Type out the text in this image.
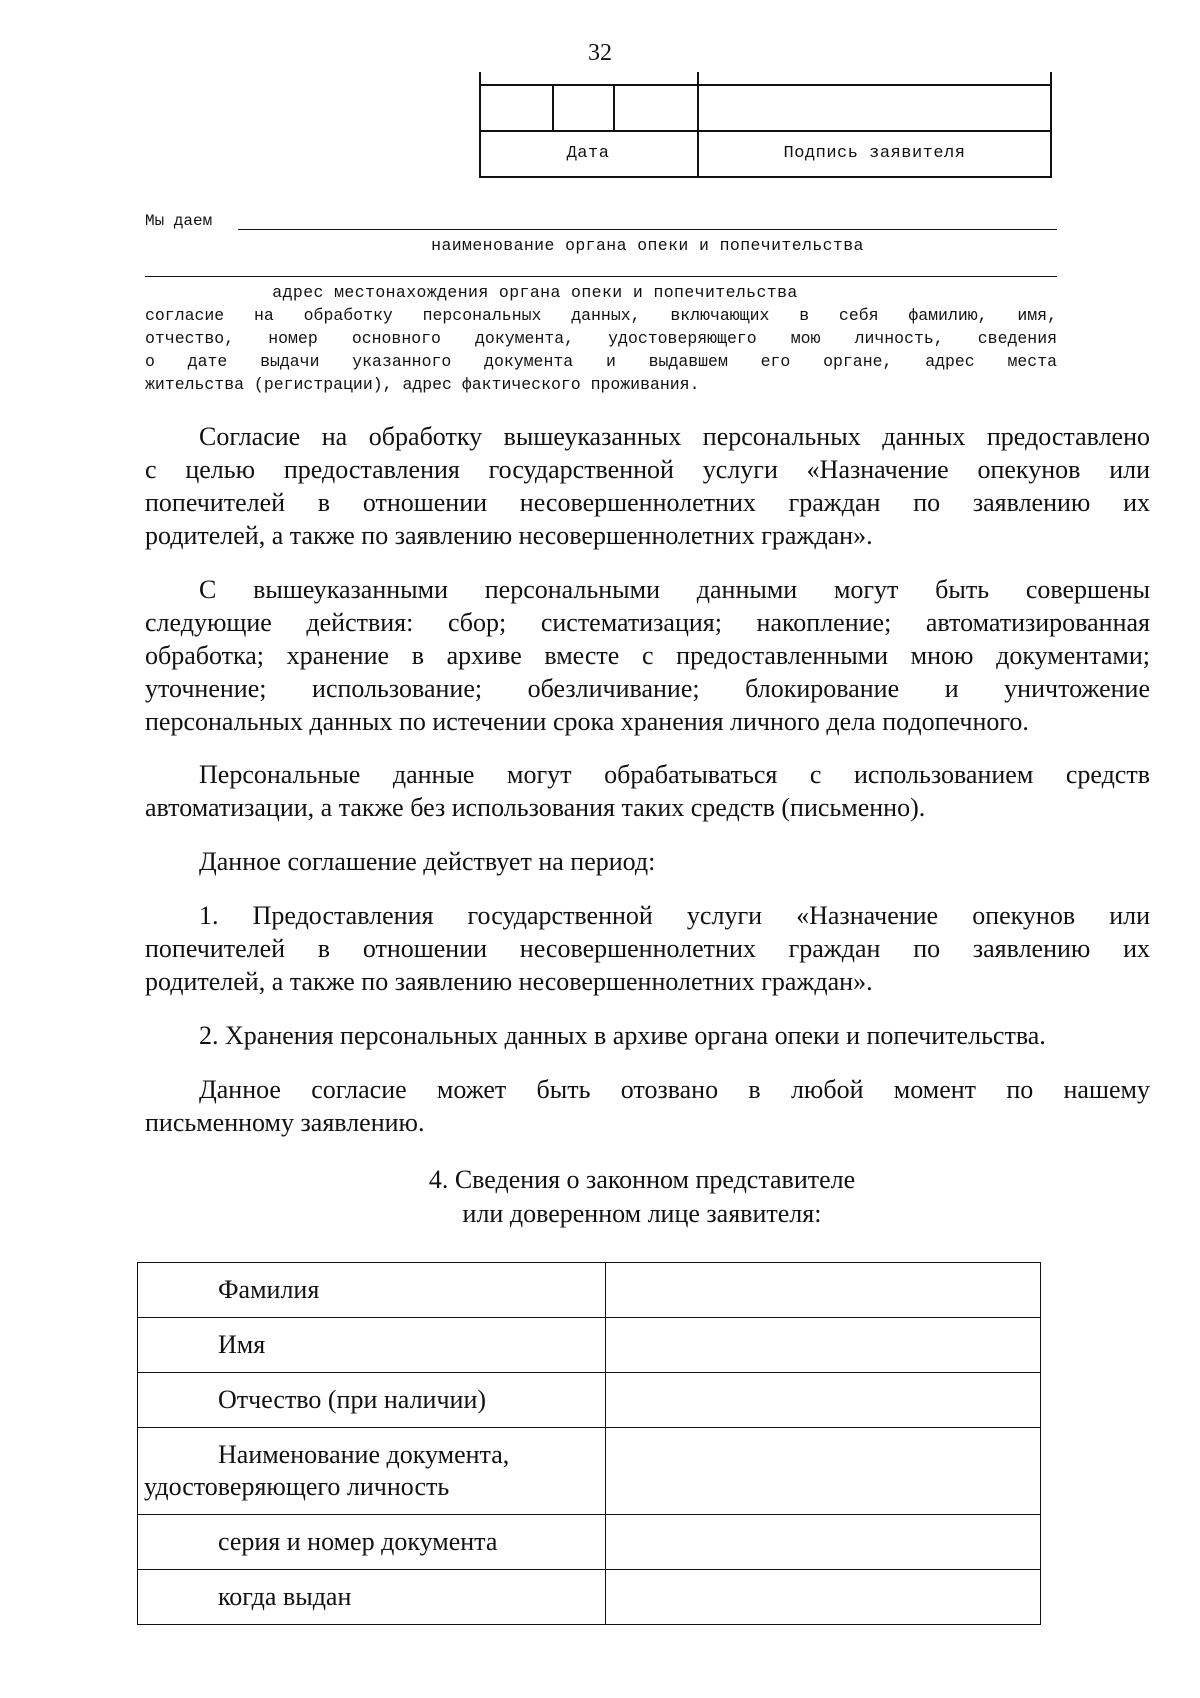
32
Дата	Подпись заявителя
Мы даем
наименование органа опеки и попечительства
адрес местонахождения органа опеки и попечительства
согласие на обработку персональных данных, включающих в себя фамилию, имя,
отчество, номер основного документа, удостоверяющего мою личность, сведения
о дате выдачи указанного документа и выдавшем его органе, адрес места
жительства (регистрации), адрес фактического проживания.
Согласие на обработку вышеуказанных персональных данных предоставлено
с целью предоставления государственной услуги «Назначение опекунов или
попечителей в отношении несовершеннолетних граждан по заявлению их
родителей, а также по заявлению несовершеннолетних граждан».
С вышеуказанными персональными данными могут быть совершены
следующие действия: сбор; систематизация; накопление; автоматизированная
обработка; хранение в архиве вместе с предоставленными мною документами;
уточнение; использование; обезличивание; блокирование и уничтожение
персональных данных по истечении срока хранения личного дела подопечного.
Персональные данные могут обрабатываться с использованием средств
автоматизации, а также без использования таких средств (письменно).
Данное соглашение действует на период:
1. Предоставления государственной услуги «Назначение опекунов или
попечителей в отношении несовершеннолетних граждан по заявлению их
родителей, а также по заявлению несовершеннолетних граждан».
2. Хранения персональных данных в архиве органа опеки и попечительства.
Данное согласие может быть отозвано в любой момент по нашему
письменному заявлению.
4. Сведения о законном представителе
или доверенном лице заявителя:
Фамилия	

Имя	

Отчество (при наличии)	

Наименование документа,
удостоверяющего личность	

серия и номер документа	

когда выдан	
